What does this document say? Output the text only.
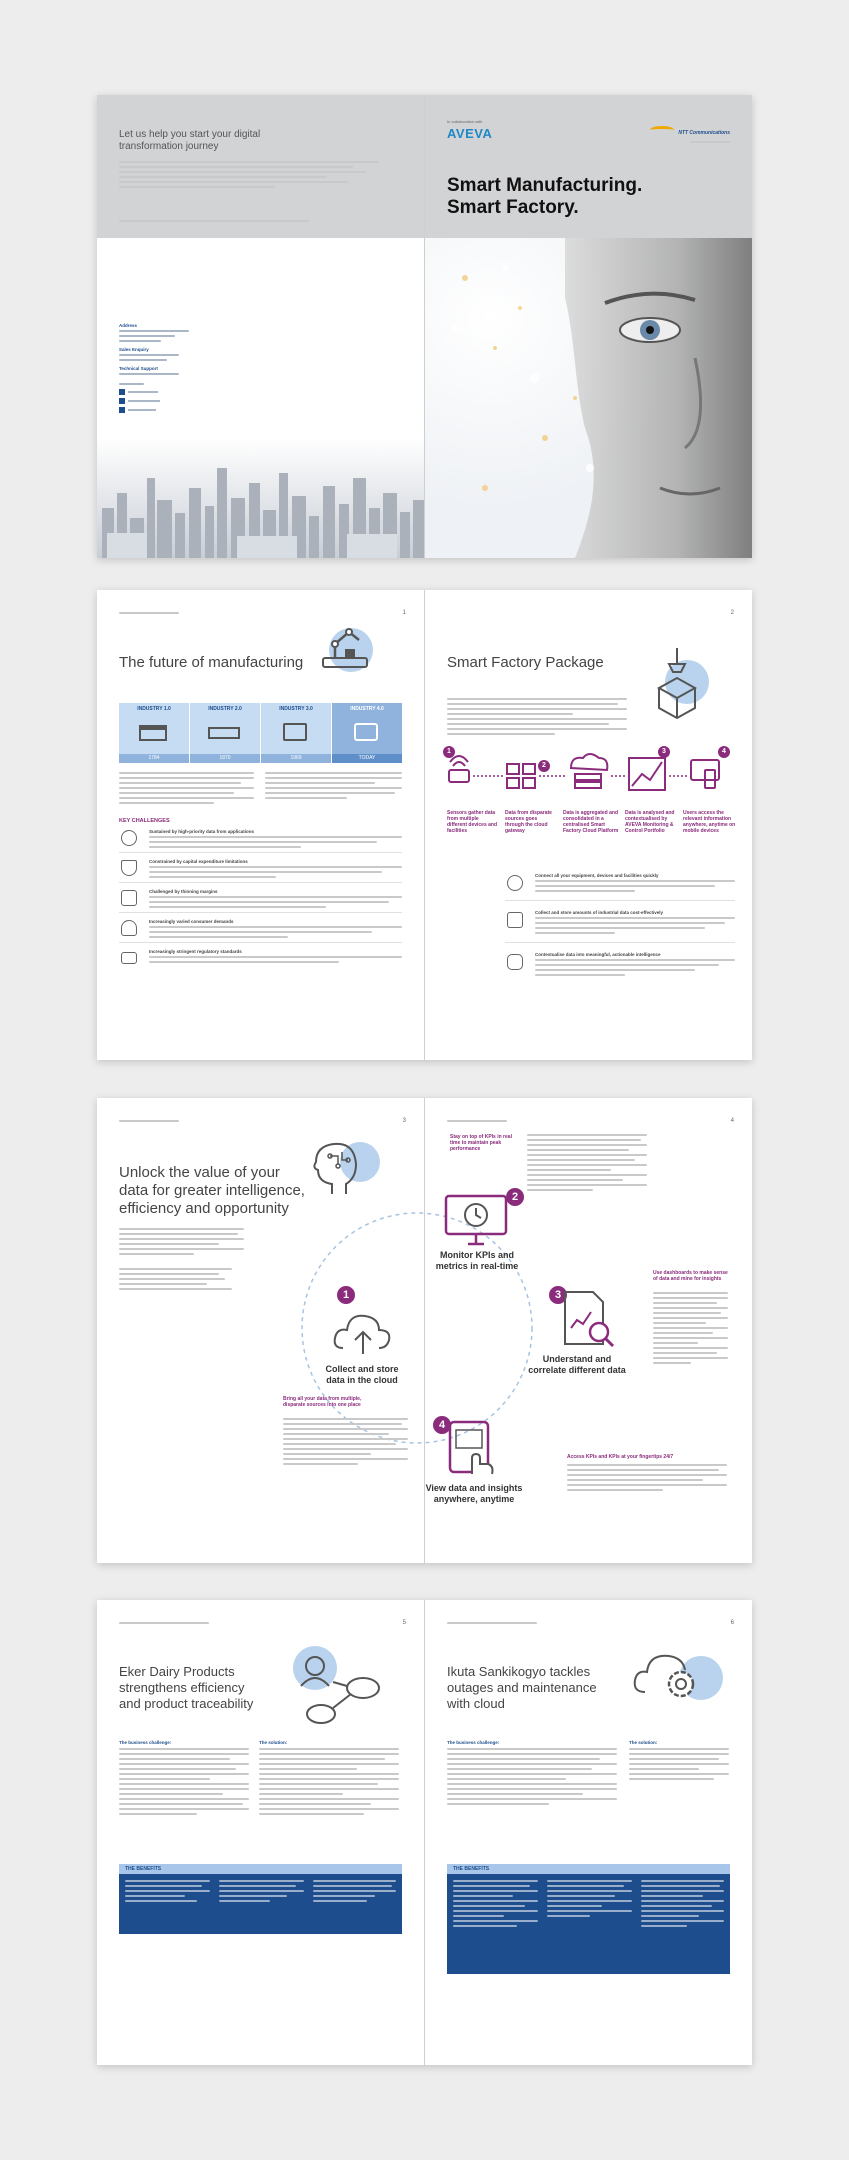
Let us help you start your digital transformation journey
Address
Sales Enquiry
Technical Support
In collaboration with
AVEVA	NTT Communications
Smart Manufacturing.
Smart Factory.
1
The future of manufacturing
INDUSTRY 1.0
1784
INDUSTRY 2.0
1870
INDUSTRY 3.0
1969
INDUSTRY 4.0
TODAY
KEY CHALLENGES
Sustained by high-priority data from applications
Constrained by capital expenditure limitations
Challenged by thinning margins
Increasingly varied consumer demands
Increasingly stringent regulatory standards
2
Smart Factory Package
1
2
3	4
Sensors gather data from multiple different devices and facilities
Data from disparate sources goes through the cloud gateway
Data is aggregated and consolidated in a centralised Smart Factory Cloud Platform
Data is analysed and contextualised by AVEVA Monitoring & Control Portfolio
Users access the relevant information anywhere, anytime on mobile devices
Connect all your equipment, devices and facilities quickly
Collect and store amounts of industrial data cost-effectively
Contextualise data into meaningful, actionable intelligence
3
Unlock the value of your
data for greater intelligence,
efficiency and opportunity
4
1
Collect and store
data in the cloud
Bring all your data from multiple, disparate sources into one place
2
Monitor KPIs and
metrics in real-time
Stay on top of KPIs in real time to maintain peak performance
3
Understand and
correlate different data
Use dashboards to make sense of data and mine for insights
4
View data and insights
anywhere, anytime
Access KPIs and KPIs at your fingertips 24/7
5
Eker Dairy Products
strengthens efficiency
and product traceability
The business challenge:	The solution:
THE BENEFITS
6
Ikuta Sankikogyo tackles
outages and maintenance
with cloud
The business challenge:	The solution:
THE BENEFITS
